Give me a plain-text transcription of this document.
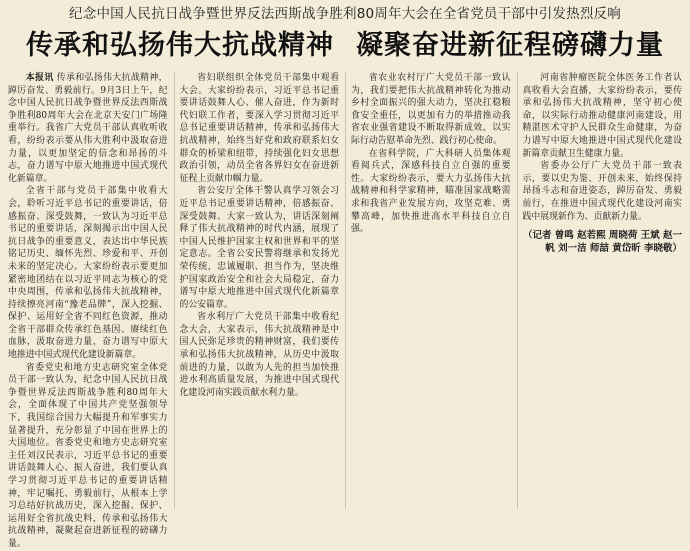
纪念中国人民抗日战争暨世界反法西斯战争胜利80周年大会在全省党员干部中引发热烈反响
传承和弘扬伟大抗战精神 凝聚奋进新征程磅礴力量

本报讯 传承和弘扬伟大抗战精神，踔厉奋发、勇毅前行。9月3日上午，纪念中国人民抗日战争暨世界反法西斯战争胜利80周年大会在北京天安门广场隆重举行。我省广大党员干部认真收听收看，纷纷表示要从伟大胜利中汲取奋进力量，以更加坚定的信念和昂扬的斗志，奋力谱写中原大地推进中国式现代化新篇章。

全省干部与党员干部集中收看大会，聆听习近平总书记的重要讲话，倍感振奋、深受鼓舞，一致认为习近平总书记的重要讲话，深刻揭示出中国人民抗日战争的重要意义，表达出中华民族铭记历史、缅怀先烈、珍爱和平、开创未来的坚定决心。大家纷纷表示要更加紧密地团结在以习近平同志为核心的党中央周围，传承和弘扬伟大抗战精神，持续擦亮河南“豫老品牌”，深入挖掘、保护、运用好全省不同红色资源，推动全省干部群众传承红色基因、赓续红色血脉，汲取奋进力量，奋力谱写中原大地推进中国式现代化建设新篇章。

省委党史和地方史志研究室全体党员干部一致认为，纪念中国人民抗日战争暨世界反法西斯战争胜利80周年大会，全面体现了中国共产党坚强领导下，我国综合国力大幅提升和军事实力显著提升，充分彰显了中国在世界上的大国地位。省委党史和地方史志研究室主任刘汉民表示，习近平总书记的重要讲话鼓舞人心、振人奋进，我们要认真学习贯彻习近平总书记的重要讲话精神，牢记嘱托、勇毅前行，从根本上学习总结好抗战历史，深入挖掘、保护、运用好全省抗战史料，传承和弘扬伟大抗战精神，凝聚起奋进新征程的磅礴力量。

省妇联组织全体党员干部集中观看大会。大家纷纷表示，习近平总书记重要讲话鼓舞人心、催人奋进，作为新时代妇联工作者，要深入学习贯彻习近平总书记重要讲话精神，传承和弘扬伟大抗战精神，始终当好党和政府联系妇女群众的桥梁和纽带，持续强化妇女思想政治引领，动员全省各界妇女在奋进新征程上贡献巾帼力量。

省公安厅全体干警认真学习领会习近平总书记重要讲话精神，倍感振奋、深受鼓舞。大家一致认为，讲话深刻阐释了伟大抗战精神的时代内涵，展现了中国人民维护国家主权和世界和平的坚定意志。全省公安民警将继承和发扬光荣传统，忠诚履职、担当作为，坚决维护国家政治安全和社会大局稳定，奋力谱写中原大地推进中国式现代化新篇章的公安篇章。

省水利厅广大党员干部集中收看纪念大会，大家表示，伟大抗战精神是中国人民弥足珍贵的精神财富，我们要传承和弘扬伟大抗战精神，从历史中汲取前进的力量，以敢为人先的担当加快推进水利高质量发展，为推进中国式现代化建设河南实践贡献水利力量。

省农业农村厅广大党员干部一致认为，我们要把伟大抗战精神转化为推动乡村全面振兴的强大动力，坚决扛稳粮食安全重任，以更加有力的举措推动我省农业强省建设不断取得新成效，以实际行动告慰革命先烈、践行初心使命。

在省科学院，广大科研人员集体观看阅兵式，深感科技自立自强的重要性。大家纷纷表示，要大力弘扬伟大抗战精神和科学家精神，瞄准国家战略需求和我省产业发展方向，攻坚克难、勇攀高峰，加快推进高水平科技自立自强。

河南省肿瘤医院全体医务工作者认真收看大会直播，大家纷纷表示，要传承和弘扬伟大抗战精神，坚守初心使命，以实际行动推动健康河南建设，用精湛医术守护人民群众生命健康，为奋力谱写中原大地推进中国式现代化建设新篇章贡献卫生健康力量。

省委办公厅广大党员干部一致表示，要以史为鉴、开创未来，始终保持昂扬斗志和奋进姿态，踔厉奋发、勇毅前行，在推进中国式现代化建设河南实践中展现新作为、贡献新力量。

（记者 曾鸣 赵若熙 周晓荷 王斌 赵一帆 刘一洁 师喆 黄岱昕 李晓敬）
